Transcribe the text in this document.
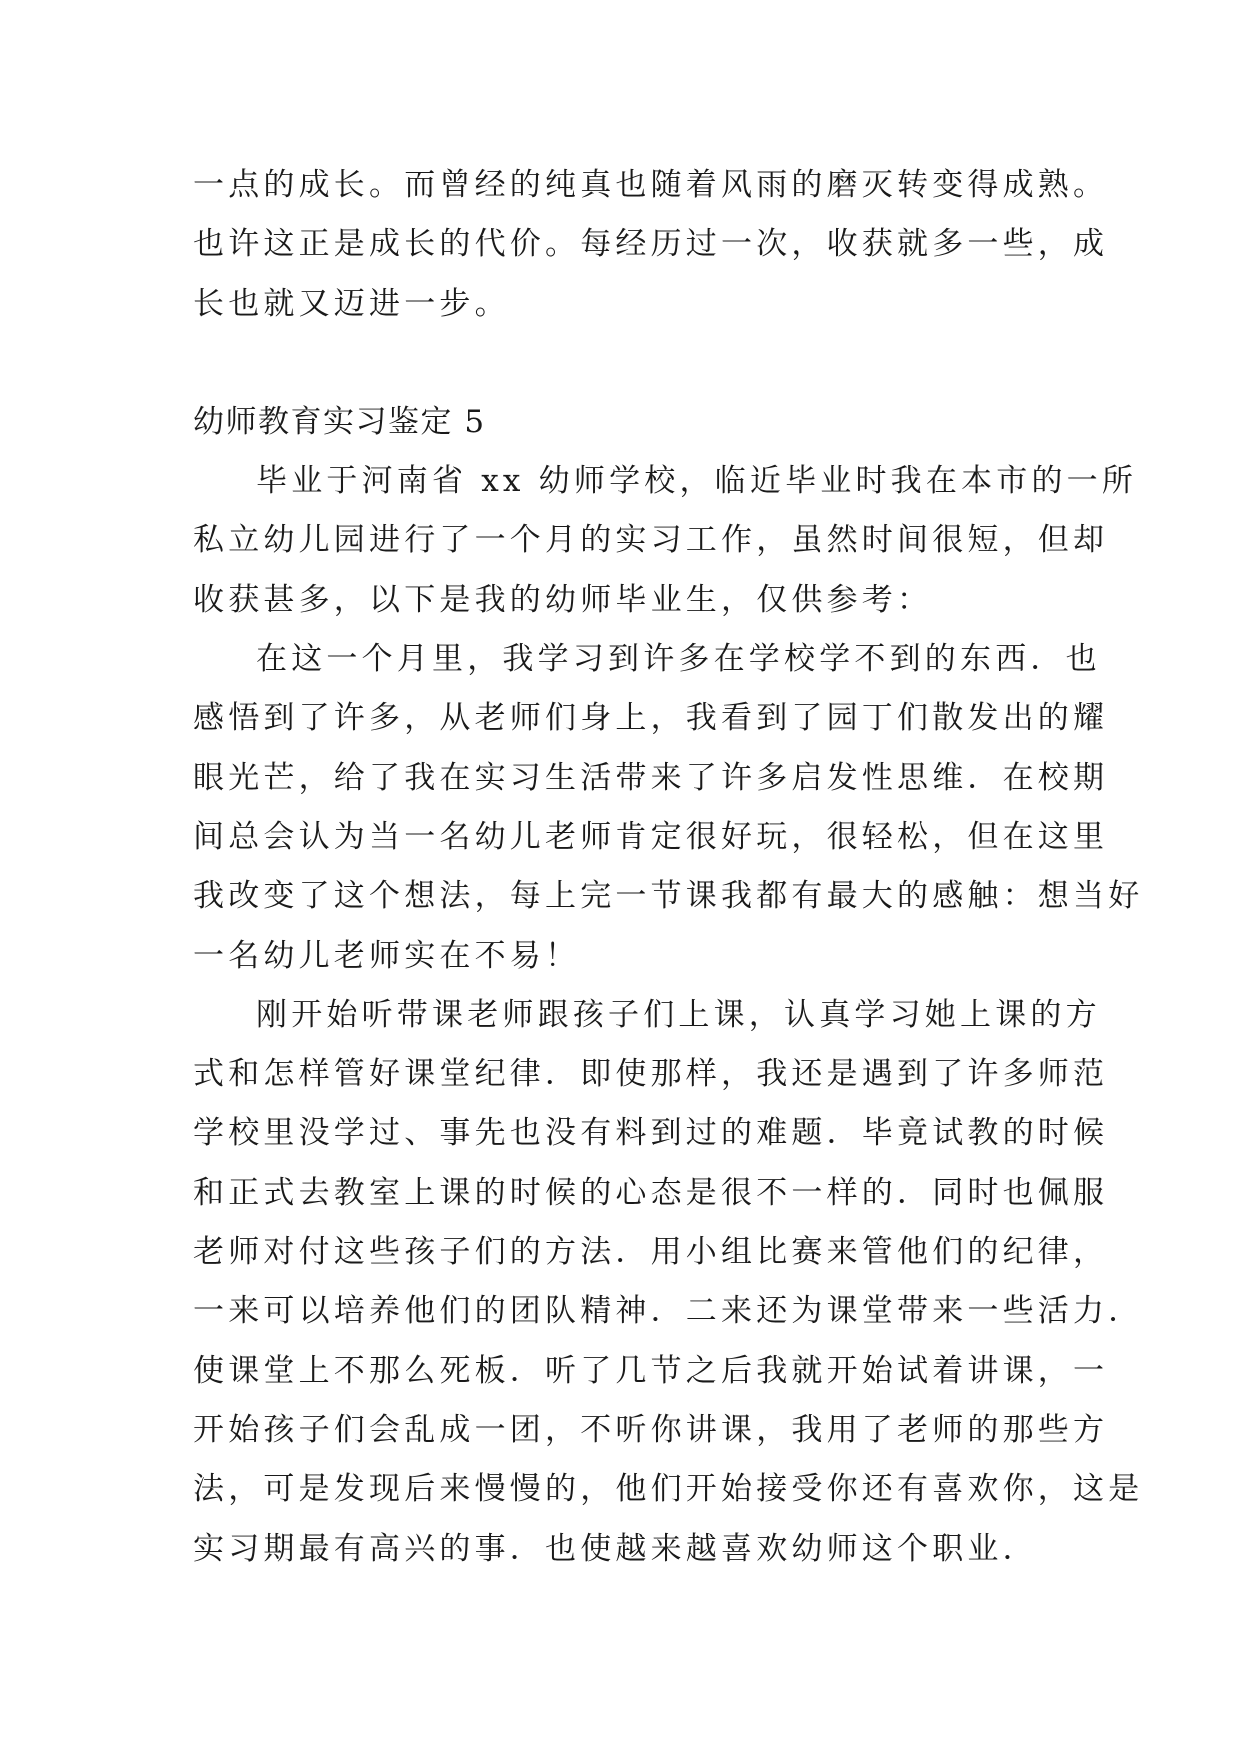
一点的成长。而曾经的纯真也随着风雨的磨灭转变得成熟。
也许这正是成长的代价。每经历过一次，收获就多一些，成
长也就又迈进一步。
幼师教育实习鉴定 5
毕业于河南省 xx 幼师学校，临近毕业时我在本市的一所
私立幼儿园进行了一个月的实习工作，虽然时间很短，但却
收获甚多，以下是我的幼师毕业生，仅供参考：
在这一个月里，我学习到许多在学校学不到的东西．也
感悟到了许多，从老师们身上，我看到了园丁们散发出的耀
眼光芒，给了我在实习生活带来了许多启发性思维．在校期
间总会认为当一名幼儿老师肯定很好玩，很轻松，但在这里
我改变了这个想法，每上完一节课我都有最大的感触：想当好
一名幼儿老师实在不易！
刚开始听带课老师跟孩子们上课，认真学习她上课的方
式和怎样管好课堂纪律．即使那样，我还是遇到了许多师范
学校里没学过、事先也没有料到过的难题．毕竟试教的时候
和正式去教室上课的时候的心态是很不一样的．同时也佩服
老师对付这些孩子们的方法．用小组比赛来管他们的纪律，
一来可以培养他们的团队精神．二来还为课堂带来一些活力．
使课堂上不那么死板．听了几节之后我就开始试着讲课，一
开始孩子们会乱成一团，不听你讲课，我用了老师的那些方
法，可是发现后来慢慢的，他们开始接受你还有喜欢你，这是
实习期最有高兴的事．也使越来越喜欢幼师这个职业．
